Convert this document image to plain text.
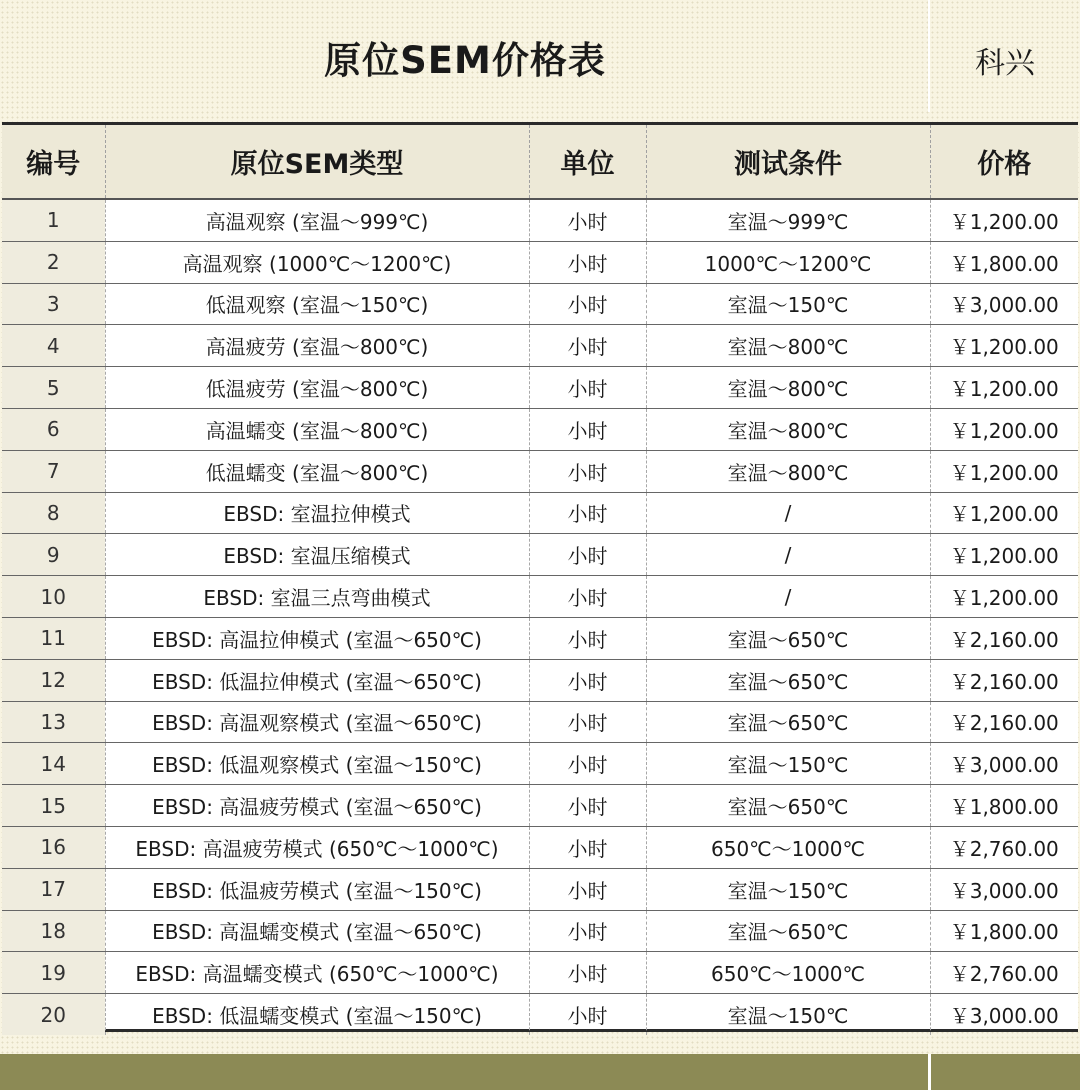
原位SEM价格表	科兴
编号	原位SEM类型	单位	测试条件	价格
1	高温观察 (室温～999℃)	小时	室温～999℃	￥1,200.00
2	高温观察 (1000℃～1200℃)	小时	1000℃～1200℃	￥1,800.00
3	低温观察 (室温～150℃)	小时	室温～150℃	￥3,000.00
4	高温疲劳 (室温～800℃)	小时	室温～800℃	￥1,200.00
5	低温疲劳 (室温～800℃)	小时	室温～800℃	￥1,200.00
6	高温蠕变 (室温～800℃)	小时	室温～800℃	￥1,200.00
7	低温蠕变 (室温～800℃)	小时	室温～800℃	￥1,200.00
8	EBSD: 室温拉伸模式	小时	/	￥1,200.00
9	EBSD: 室温压缩模式	小时	/	￥1,200.00
10	EBSD: 室温三点弯曲模式	小时	/	￥1,200.00
11	EBSD: 高温拉伸模式 (室温～650℃)	小时	室温～650℃	￥2,160.00
12	EBSD: 低温拉伸模式 (室温～650℃)	小时	室温～650℃	￥2,160.00
13	EBSD: 高温观察模式 (室温～650℃)	小时	室温～650℃	￥2,160.00
14	EBSD: 低温观察模式 (室温～150℃)	小时	室温～150℃	￥3,000.00
15	EBSD: 高温疲劳模式 (室温～650℃)	小时	室温～650℃	￥1,800.00
16	EBSD: 高温疲劳模式 (650℃～1000℃)	小时	650℃～1000℃	￥2,760.00
17	EBSD: 低温疲劳模式 (室温～150℃)	小时	室温～150℃	￥3,000.00
18	EBSD: 高温蠕变模式 (室温～650℃)	小时	室温～650℃	￥1,800.00
19	EBSD: 高温蠕变模式 (650℃～1000℃)	小时	650℃～1000℃	￥2,760.00
20	EBSD: 低温蠕变模式 (室温～150℃)	小时	室温～150℃	￥3,000.00
